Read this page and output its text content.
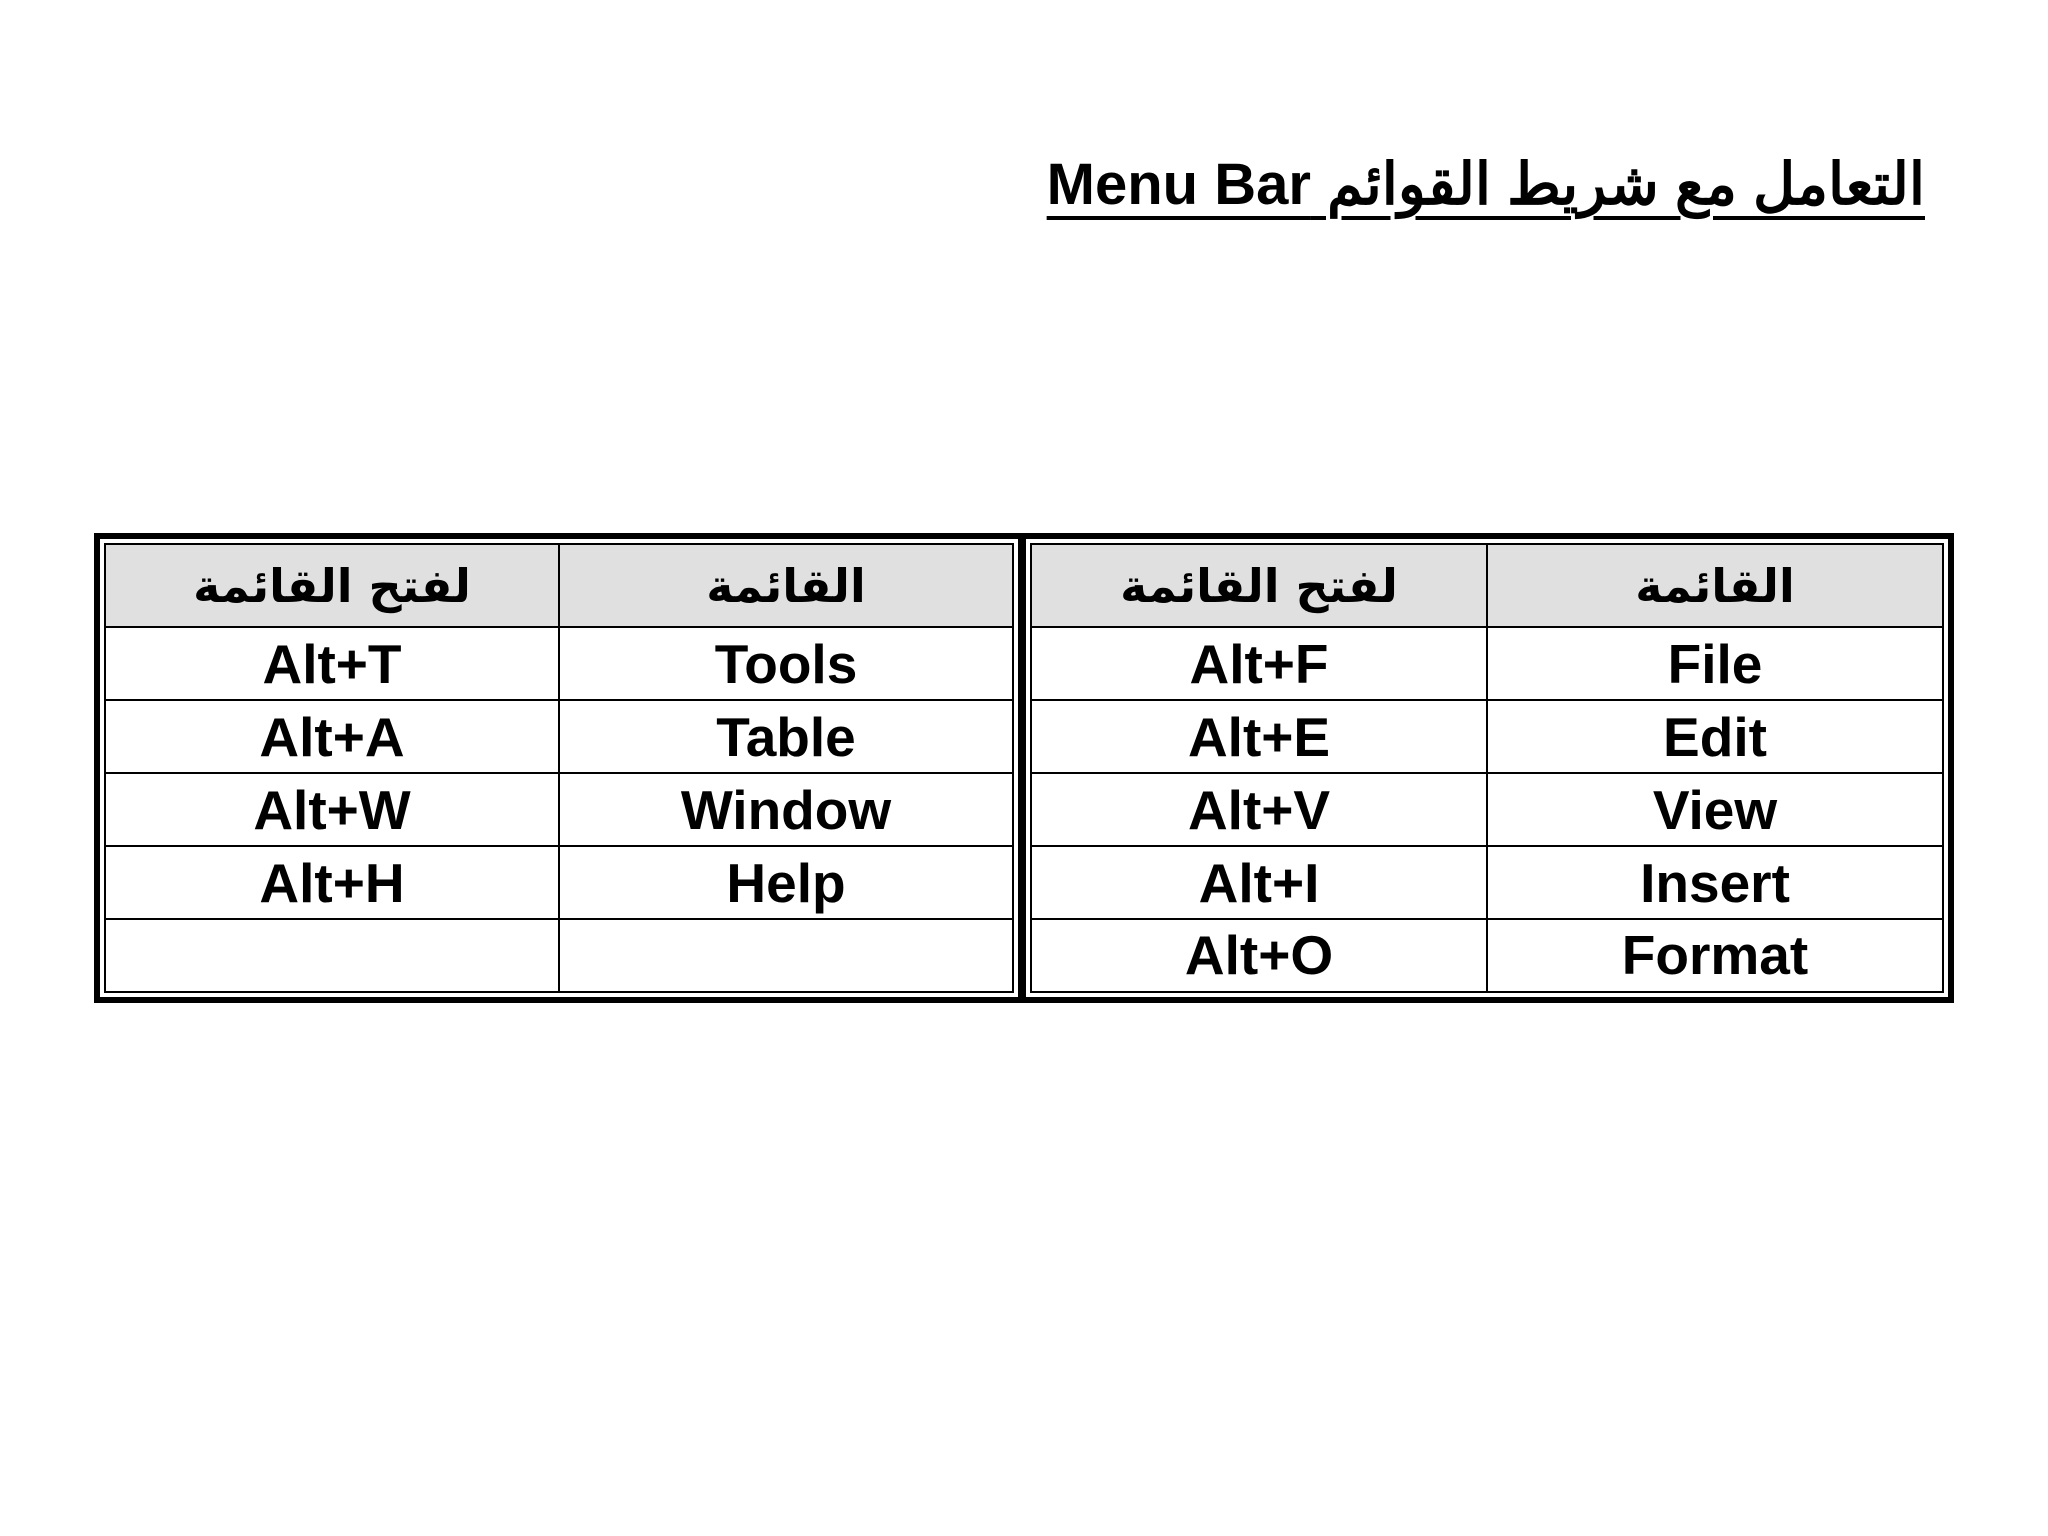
التعامل مع شريط القوائم Menu Bar
لفتح القائمة	القائمة
Alt+T	Tools
Alt+A	Table
Alt+W	Window
Alt+H	Help

لفتح القائمة	القائمة
Alt+F	File
Alt+E	Edit
Alt+V	View
Alt+I	Insert
Alt+O	Format
